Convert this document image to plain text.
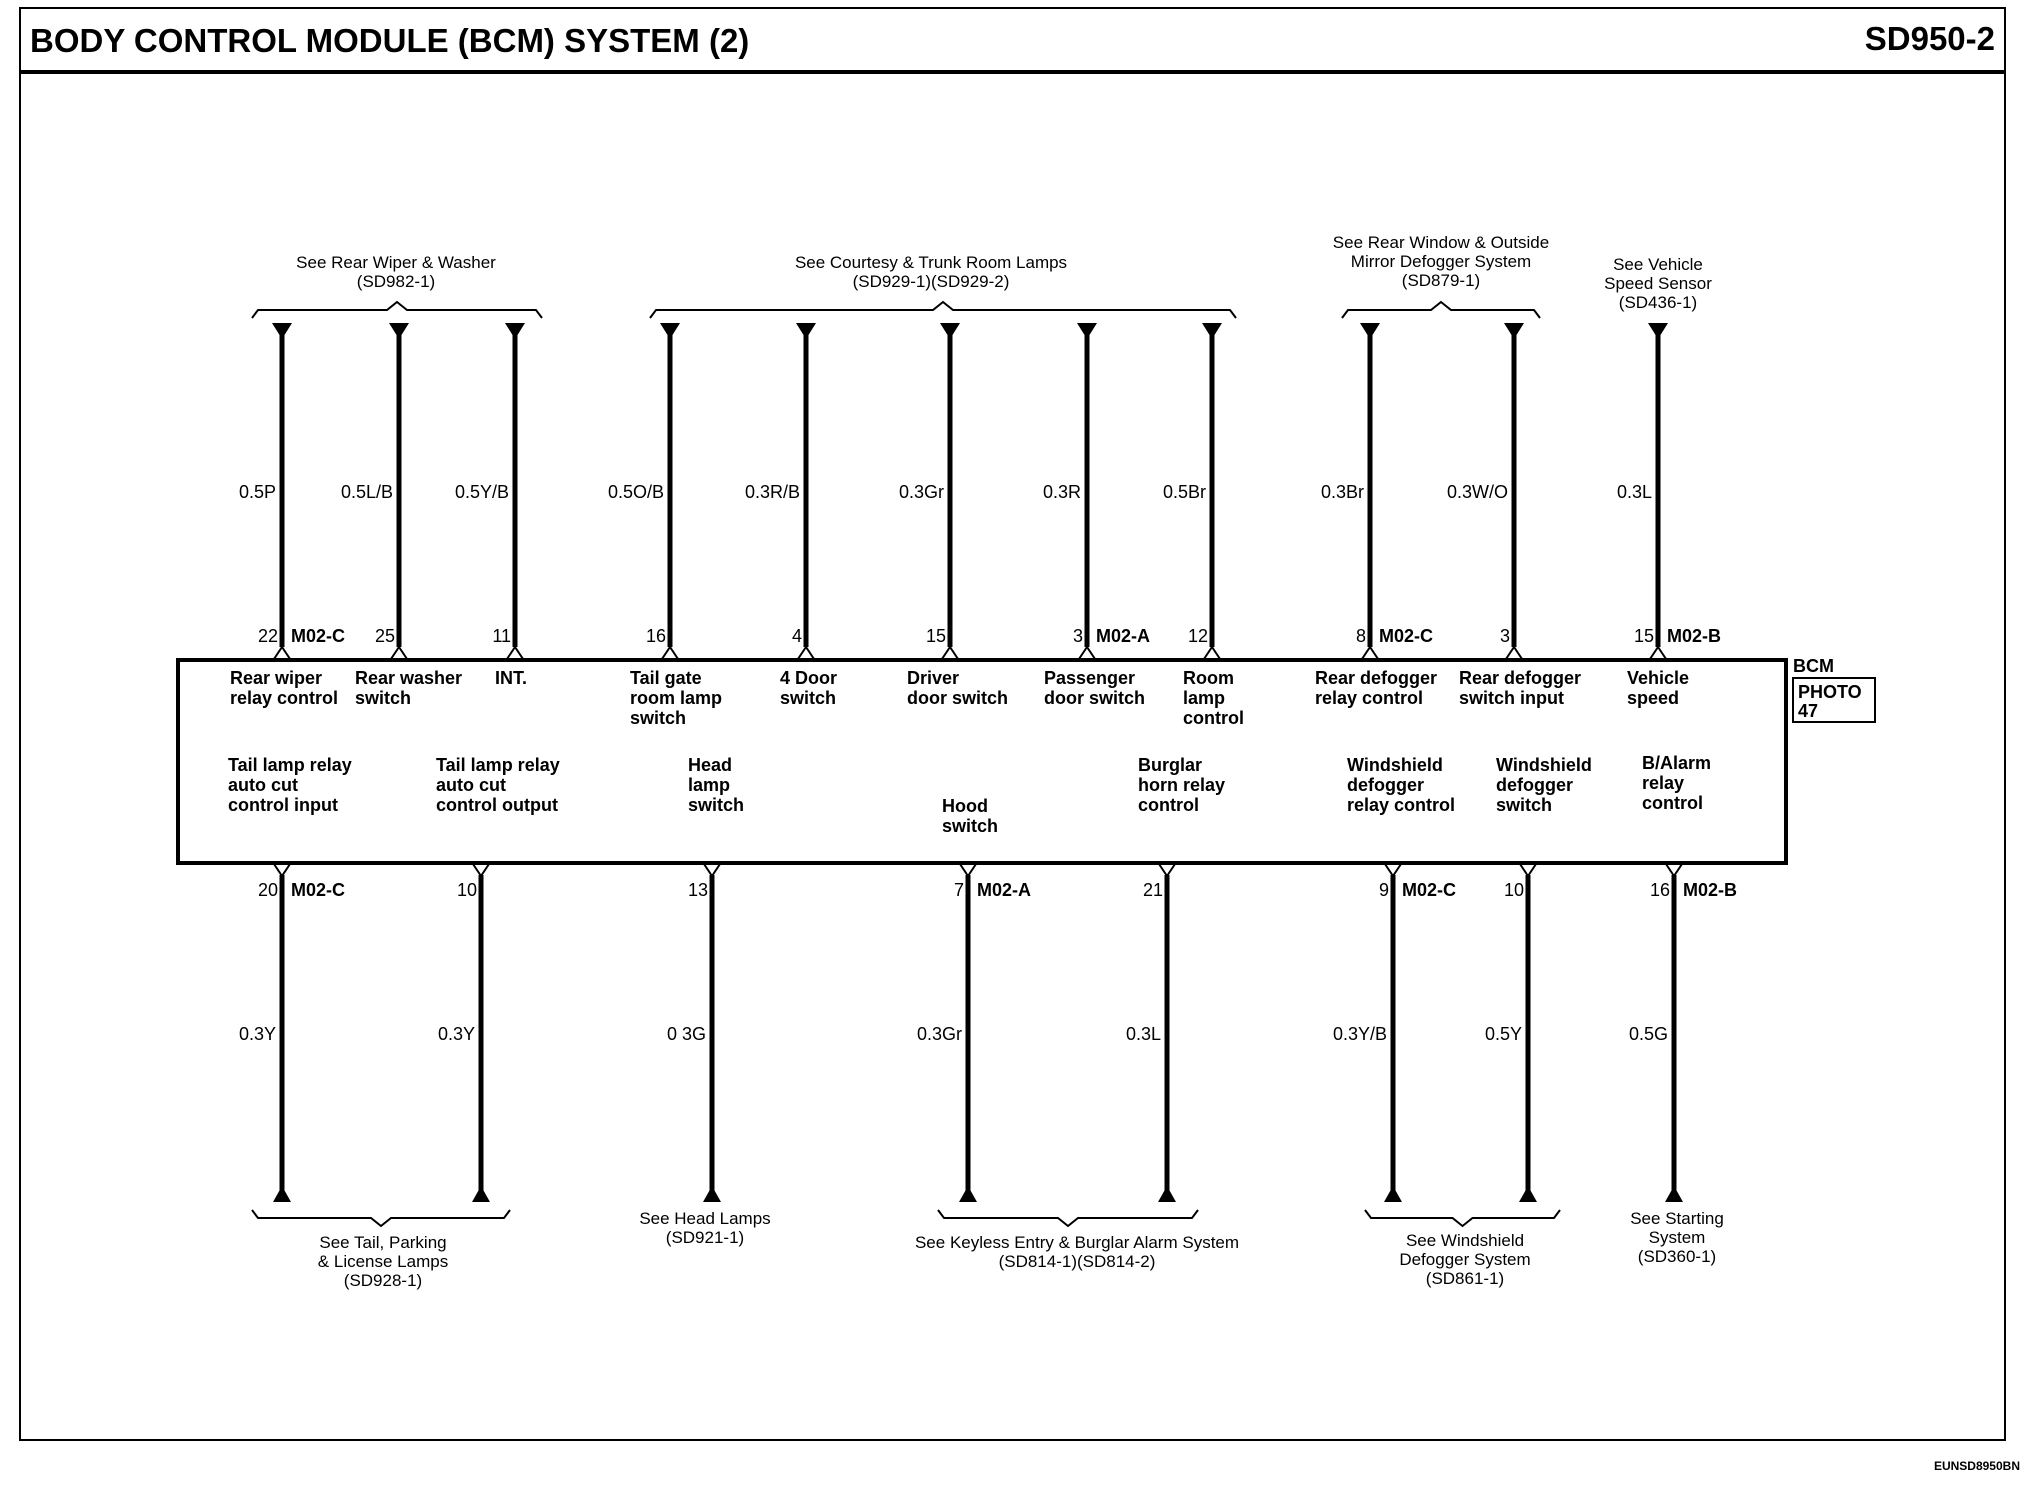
BODY CONTROL MODULE (BCM) SYSTEM (2)	SD950-2
BCM
PHOTO
47
0.5P
22 M02-C
0.5L/B
25
0.5Y/B
11
0.5O/B
16
0.3R/B
4
0.3Gr
15
0.3R
3 M02-A
0.5Br
12
0.3Br
8 M02-C
0.3W/O
3
0.3L
15 M02-B
Rear wiper
relay control
Rear washer
switch
INT.	Tail gate
room lamp
switch
4 Door
switch
Driver
door switch
Passenger
door switch
Room
lamp
control
Rear defogger
relay control
Rear defogger
switch input
Vehicle
speed
0.3Y
20 M02-C
0.3Y
10
0 3G
13
0.3Gr
7 M02-A
0.3L
21
0.3Y/B
9 M02-C
0.5Y
10
0.5G
16 M02-B
Tail lamp relay
auto cut
control input
Tail lamp relay
auto cut
control output
Head
lamp
switch	Hood
switch
Burglar
horn relay
control
Windshield
defogger
relay control
Windshield
defogger
switch
B/Alarm
relay
control
See Rear Wiper & Washer
(SD982-1)
See Courtesy & Trunk Room Lamps
(SD929-1)(SD929-2)
See Rear Window & Outside
Mirror Defogger System
(SD879-1)
See Vehicle
Speed Sensor
(SD436-1)
See Tail, Parking
& License Lamps
(SD928-1)
See Head Lamps
(SD921-1)	See Keyless Entry & Burglar Alarm System
(SD814-1)(SD814-2)
See Windshield
Defogger System
(SD861-1)
See Starting
System
(SD360-1)
EUNSD8950BN
